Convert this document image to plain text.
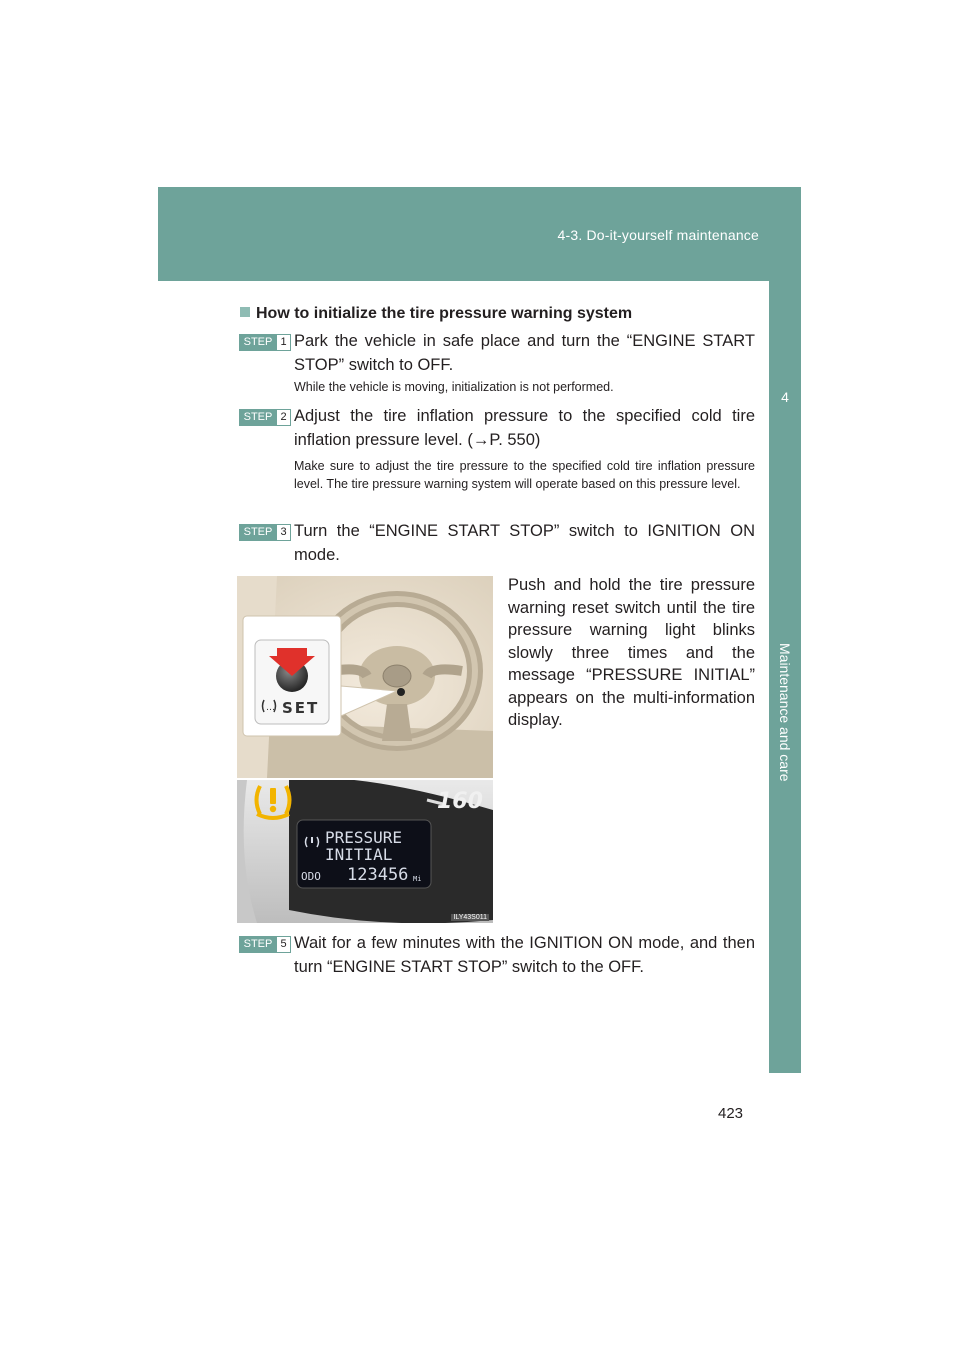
4-3. Do-it-yourself maintenance
4
Maintenance and care
How to initialize the tire pressure warning system
STEP 1 Park the vehicle in safe place and turn the “ENGINE START STOP” switch to OFF.
While the vehicle is moving, initialization is not performed.
STEP 2 Adjust the tire inflation pressure to the specified cold tire inflation pressure level. (→P. 550)
Make sure to adjust the tire pressure to the specified cold tire inflation pressure level. The tire pressure warning system will operate based on this pressure level.
STEP 3 Turn the “ENGINE START STOP” switch to IGNITION ON mode.
Push and hold the tire pressure warning reset switch until the tire pressure warning light blinks slowly three times and the message “PRESSURE INITIAL” appears on the multi-information display.
… SET
160
PRESSURE
INITIAL
ODO 123456 Mi
ILY43S011
STEP 5 Wait for a few minutes with the IGNITION ON mode, and then turn “ENGINE START STOP” switch to the OFF.
423
